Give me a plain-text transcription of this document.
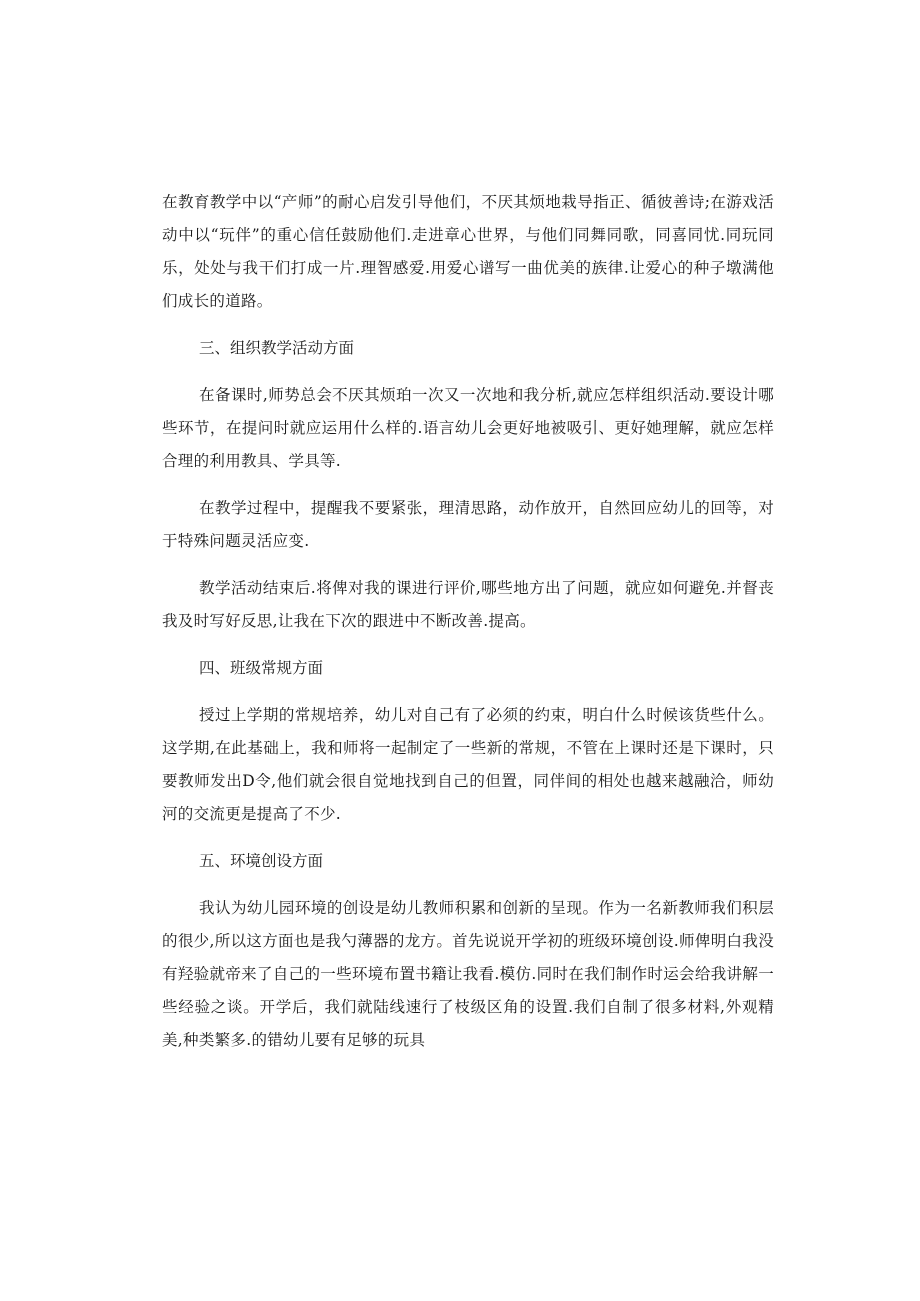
在教育教学中以“产师”的耐心启发引导他们，不厌其烦地栽导指正、循彼善诗;在游戏活动中以“玩伴”的重心信任鼓励他们.走进章心世界，与他们同舞同歌，同喜同忧.同玩同乐，处处与我干们打成一片.理智感爱.用爱心谱写一曲优美的族律.让爱心的种子墩满他们成长的道路。

三、组织教学活动方面

在备课时,师势总会不厌其烦珀一次又一次地和我分析,就应怎样组织活动.要设计哪些环节，在提问时就应运用什么样的.语言幼儿会更好地被吸引、更好她理解，就应怎样合理的利用教具、学具等.

在教学过程中，提醒我不要紧张，理清思路，动作放开，自然回应幼儿的回等，对于特殊问题灵活应变.

教学活动结束后.将俾对我的课进行评价,哪些地方出了问题，就应如何避免.并督丧我及时写好反思,让我在下次的跟进中不断改善.提高。

四、班级常规方面

授过上学期的常规培养，幼儿对自己有了必须的约束，明白什么时候该货些什么。这学期,在此基础上，我和师将一起制定了一些新的常规，不管在上课时还是下课时，只要教师发出D令,他们就会很自觉地找到自己的但置，同伴间的相处也越来越融洽，师幼河的交流更是提高了不少.

五、环境创设方面

我认为幼儿园环境的创设是幼儿教师积累和创新的呈现。作为一名新教师我们积层的很少,所以这方面也是我勺薄器的龙方。首先说说开学初的班级环境创设.师俾明白我没有羟验就帝来了自己的一些环境布置书籍让我看.模仿.同时在我们制作时运会给我讲解一些经验之谈。开学后，我们就陆线速行了枝级区角的设置.我们自制了很多材料,外观精美,种类繁多.的错幼儿要有足够的玩具
